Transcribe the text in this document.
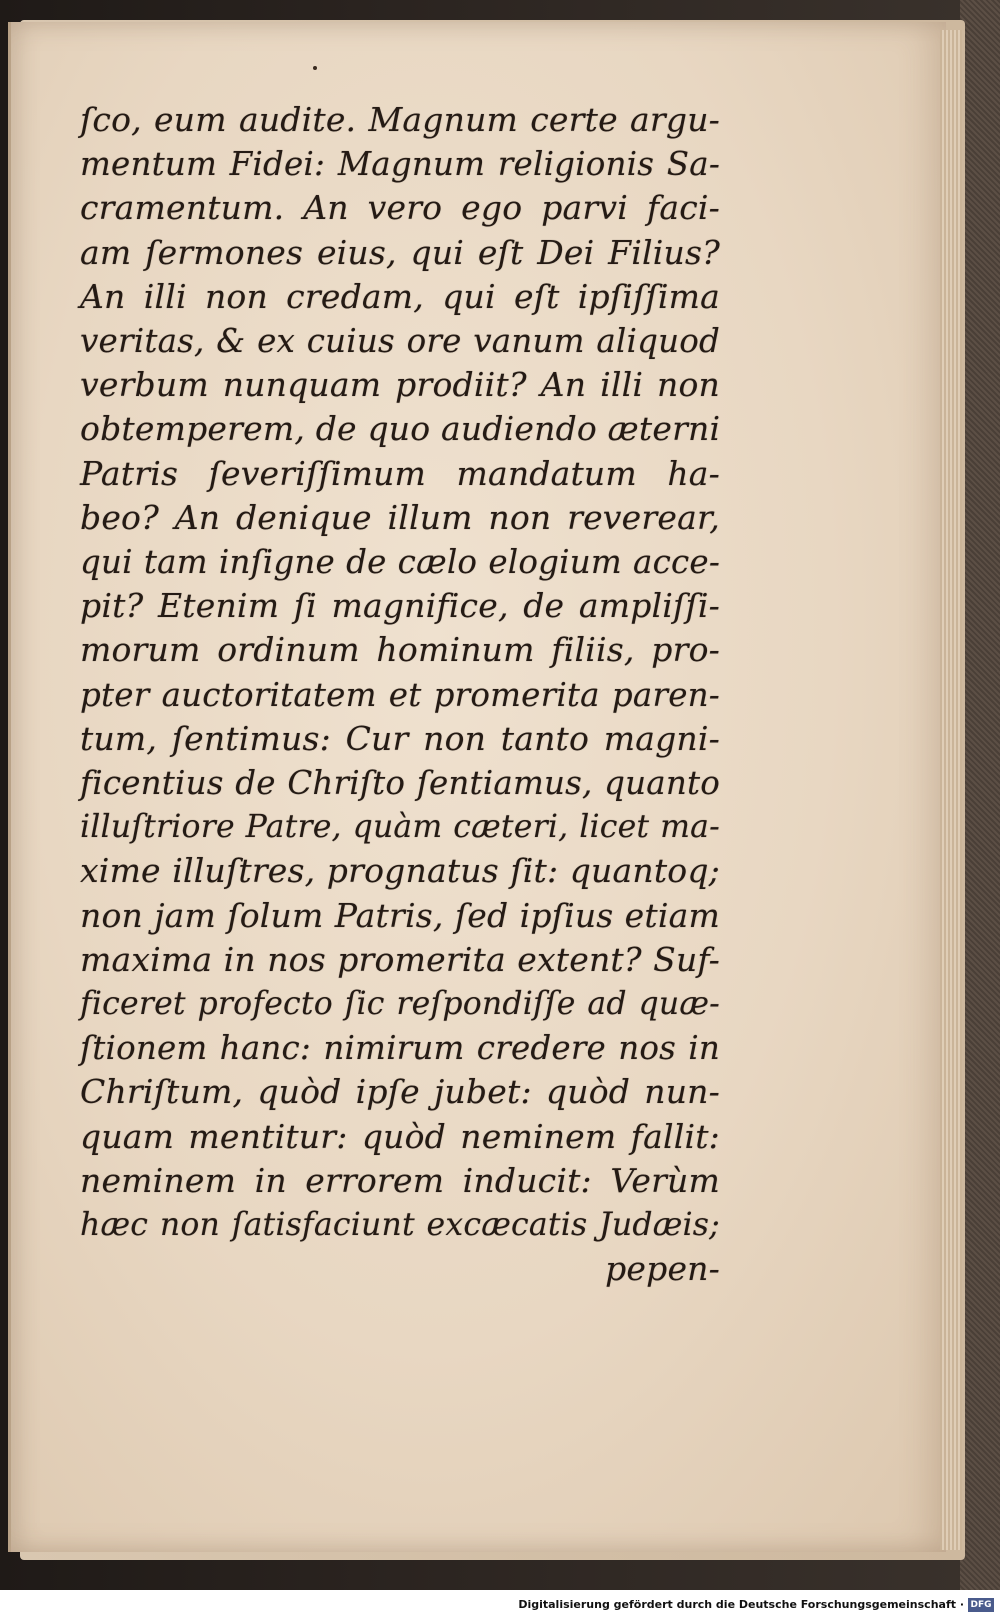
ſco, eum audite. Magnum certe argu-
mentum Fidei: Magnum religionis Sa-
cramentum. An vero ego parvi faci-
am ſermones eius, qui eſt Dei Filius?
An illi non credam, qui eſt ipſiſſima
veritas, & ex cuius ore vanum aliquod
verbum nunquam prodiit? An illi non
obtemperem, de quo audiendo æterni
Patris ſeveriſſimum mandatum ha-
beo? An denique illum non reverear,
qui tam inſigne de cælo elogium acce-
pit? Etenim ſi magnifice, de ampliſſi-
morum ordinum hominum filiis, pro-
pter auctoritatem et promerita paren-
tum, ſentimus: Cur non tanto magni-
ficentius de Chriſto ſentiamus, quanto
illuſtriore Patre, quàm cæteri, licet ma-
xime illuſtres, prognatus ſit: quantoq;
non jam ſolum Patris, ſed ipſius etiam
maxima in nos promerita extent? Suf-
ficeret profecto ſic reſpondiſſe ad quæ-
ſtionem hanc: nimirum credere nos in
Chriſtum, quòd ipſe jubet: quòd nun-
quam mentitur: quòd neminem fallit:
neminem in errorem inducit: Verùm
hæc non ſatisfaciunt excæcatis Judæis;
pepen-
Digitalisierung gefördert durch die Deutsche Forschungsgemeinschaft · DFG
